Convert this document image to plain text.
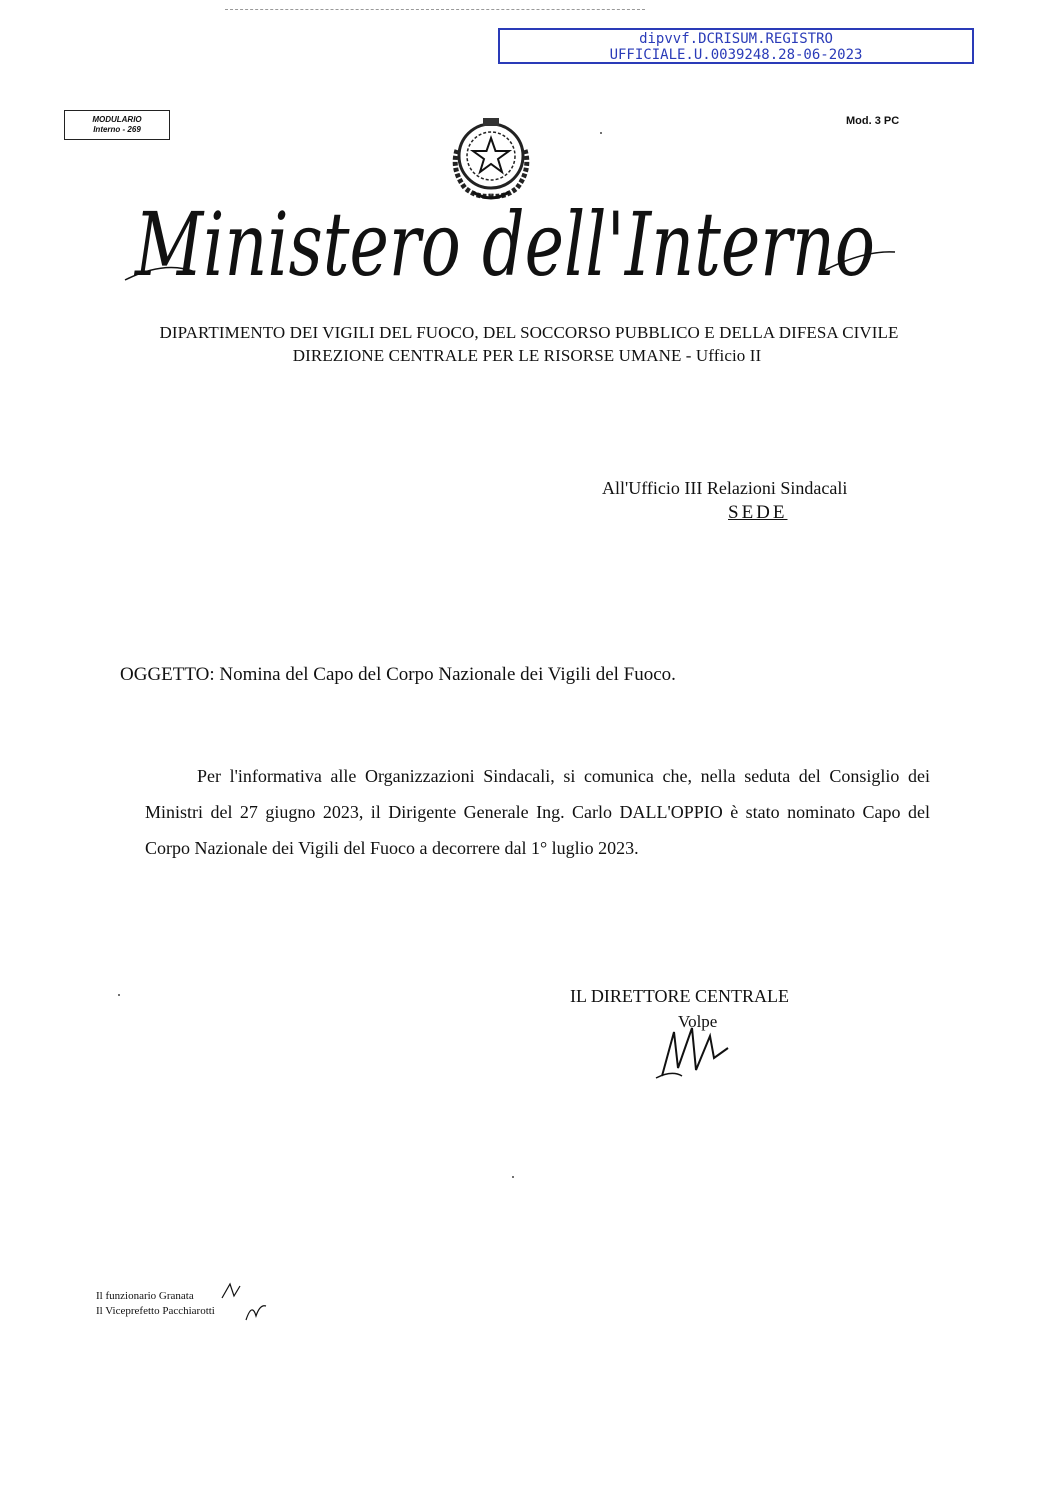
dipvvf.DCRISUM.REGISTRO
UFFICIALE.U.0039248.28-06-2023
MODULARIO
Interno - 269
Mod. 3 PC
Ministero dell'Interno
DIPARTIMENTO DEI VIGILI DEL FUOCO, DEL SOCCORSO PUBBLICO E DELLA DIFESA CIVILE
DIREZIONE CENTRALE PER LE RISORSE UMANE - Ufficio II
All'Ufficio III Relazioni Sindacali
SEDE
OGGETTO: Nomina del Capo del Corpo Nazionale dei Vigili del Fuoco.
Per l'informativa alle Organizzazioni Sindacali, si comunica che, nella seduta del Consiglio dei Ministri del 27 giugno 2023, il Dirigente Generale Ing. Carlo DALL'OPPIO è stato nominato Capo del Corpo Nazionale dei Vigili del Fuoco a decorrere dal 1° luglio 2023.
IL DIRETTORE CENTRALE
Volpe
Il funzionario Granata
Il Viceprefetto Pacchiarotti
